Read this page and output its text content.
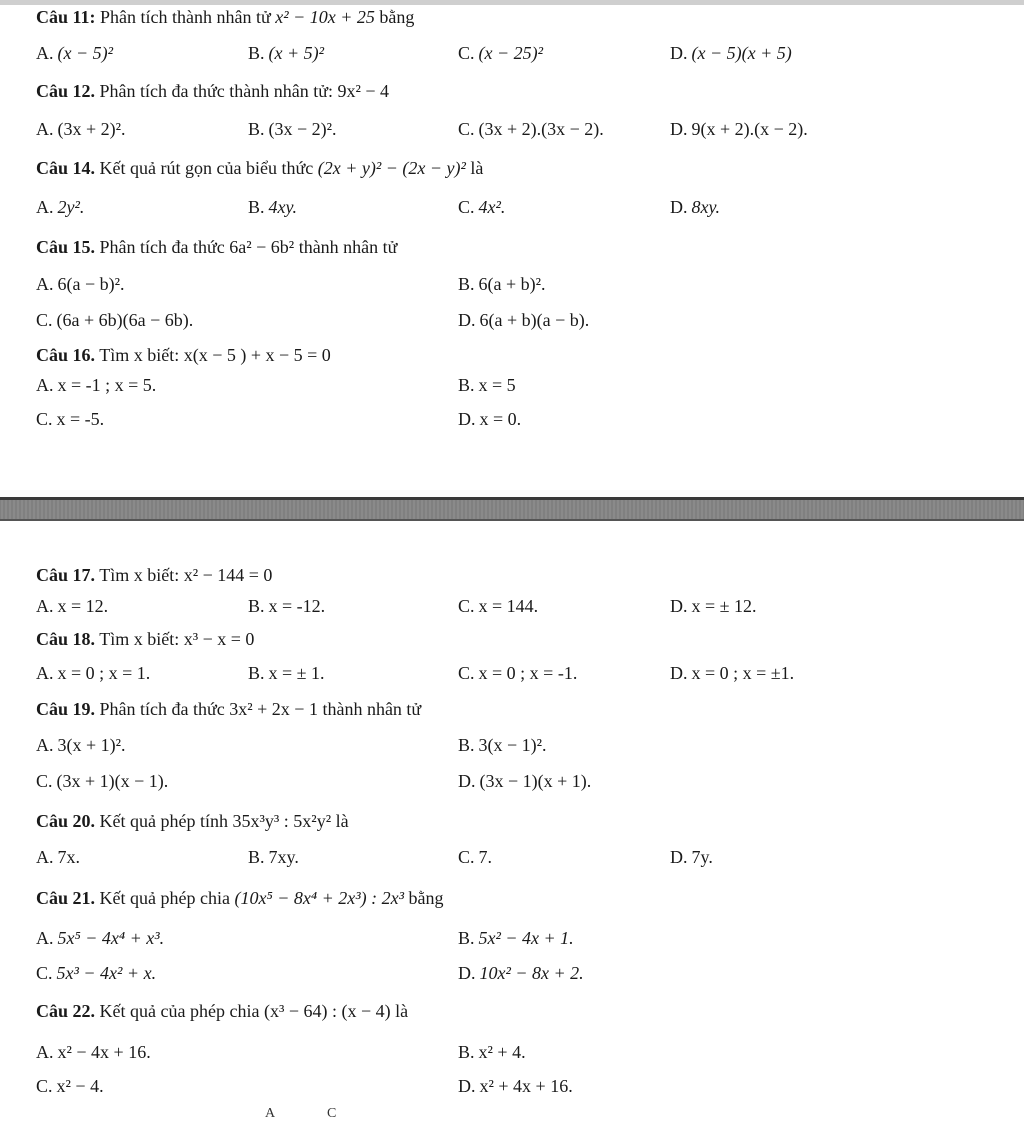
Câu 11: Phân tích thành nhân tử x² − 10x + 25 bằng
A. (x − 5)²	B. (x + 5)²	C. (x − 25)²	D. (x − 5)(x + 5)
Câu 12. Phân tích đa thức thành nhân tử: 9x² − 4
A. (3x + 2)².	B. (3x − 2)².	C. (3x + 2).(3x − 2).	D. 9(x + 2).(x − 2).
Câu 14. Kết quả rút gọn của biểu thức (2x + y)² − (2x − y)² là
A. 2y².	B. 4xy.	C. 4x².	D. 8xy.
Câu 15. Phân tích đa thức 6a² − 6b² thành nhân tử
A. 6(a − b)².	B. 6(a + b)².
C. (6a + 6b)(6a − 6b).	D. 6(a + b)(a − b).
Câu 16. Tìm x biết: x(x − 5 ) + x − 5 = 0
A. x = -1 ; x = 5.	B. x = 5
C. x = -5.	D. x = 0.
Câu 17. Tìm x biết: x² − 144 = 0
A. x = 12.	B. x = -12.	C. x = 144.	D. x = ± 12.
Câu 18. Tìm x biết: x³ − x = 0
A. x = 0 ; x = 1.	B. x = ± 1.	C. x = 0 ; x = -1.	D. x = 0 ; x = ±1.
Câu 19. Phân tích đa thức 3x² + 2x − 1 thành nhân tử
A. 3(x + 1)².	B. 3(x − 1)².
C. (3x + 1)(x − 1).	D. (3x − 1)(x + 1).
Câu 20. Kết quả phép tính 35x³y³ : 5x²y² là
A. 7x.	B. 7xy.	C. 7.	D. 7y.
Câu 21. Kết quả phép chia (10x⁵ − 8x⁴ + 2x³) : 2x³ bằng
A. 5x⁵ − 4x⁴ + x³.	B. 5x² − 4x + 1.
C. 5x³ − 4x² + x.	D. 10x² − 8x + 2.
Câu 22. Kết quả của phép chia (x³ − 64) : (x − 4) là
A. x² − 4x + 16.	B. x² + 4.
C. x² − 4.	D. x² + 4x + 16.
A	C
